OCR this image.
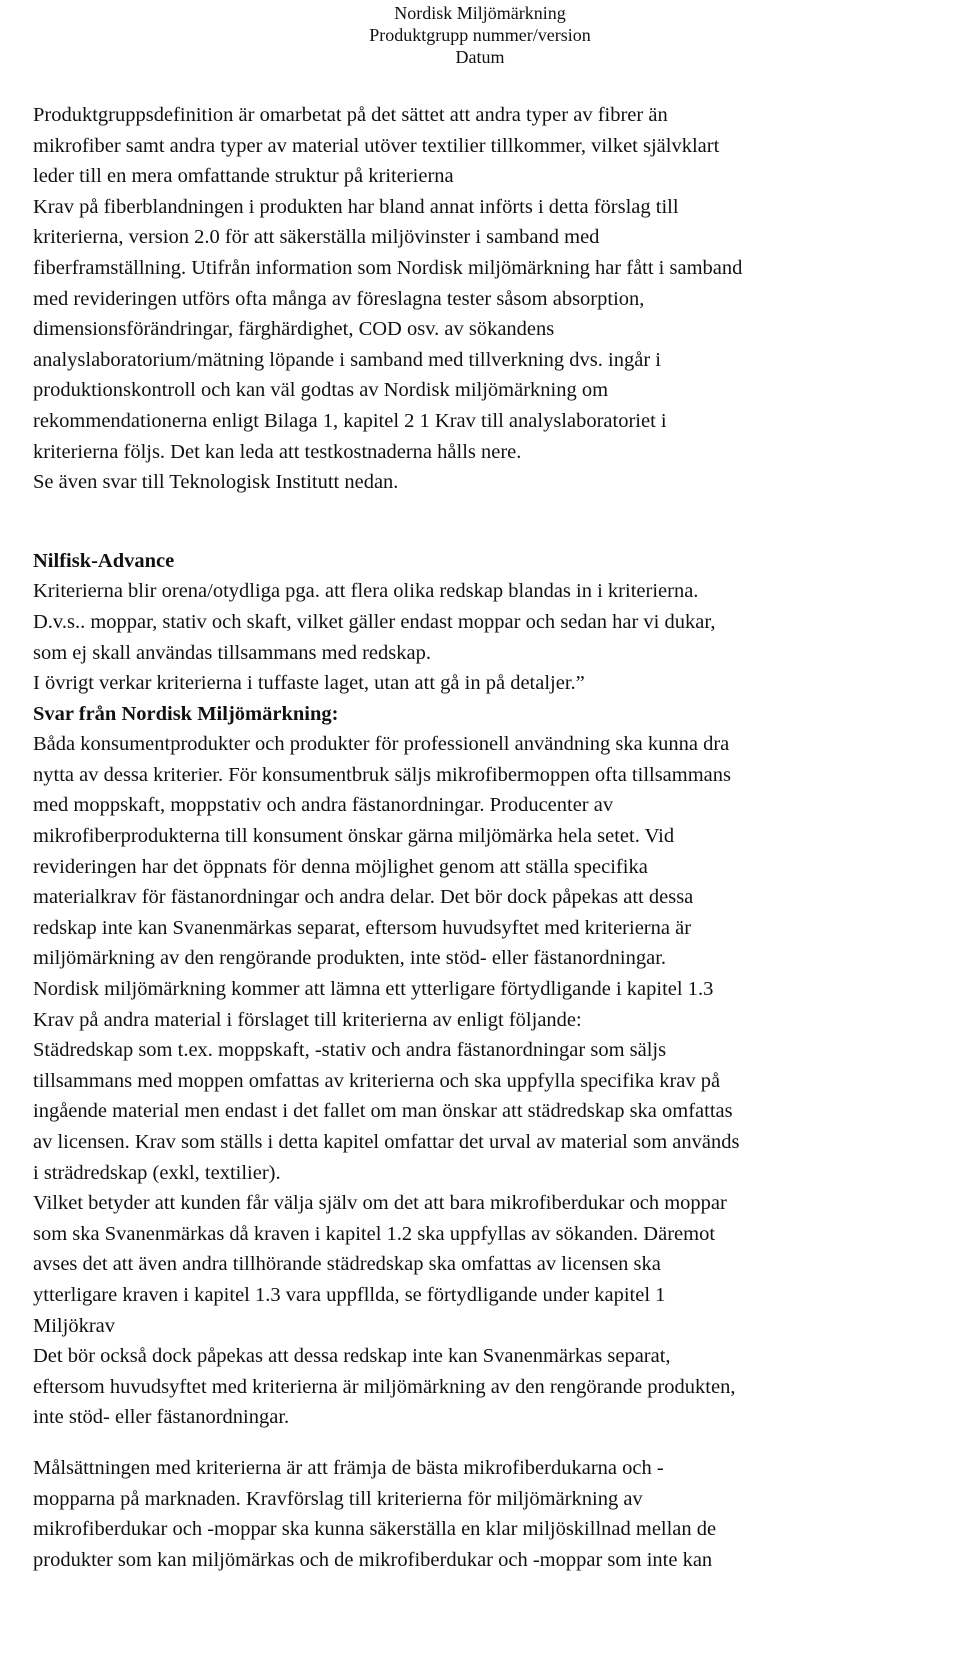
Nordisk Miljömärkning
Produktgrupp nummer/version
Datum
Produktgruppsdefinition är omarbetat på det sättet att andra typer av fibrer än
mikrofiber samt andra typer av material utöver textilier tillkommer, vilket självklart
leder till en mera omfattande struktur på kriterierna
Krav på fiberblandningen i produkten har bland annat införts i detta förslag till
kriterierna, version 2.0 för att säkerställa miljövinster i samband med
fiberframställning. Utifrån information som Nordisk miljömärkning har fått i samband
med revideringen utförs ofta många av föreslagna tester såsom absorption,
dimensionsförändringar, färghärdighet, COD osv. av sökandens
analyslaboratorium/mätning löpande i samband med tillverkning dvs. ingår i
produktionskontroll och kan väl godtas av Nordisk miljömärkning om
rekommendationerna enligt Bilaga 1, kapitel 2 1 Krav till analyslaboratoriet i
kriterierna följs. Det kan leda att testkostnaderna hålls nere.
Se även svar till Teknologisk Institutt nedan.
Nilfisk-Advance
Kriterierna blir orena/otydliga pga. att flera olika redskap blandas in i kriterierna.
D.v.s.. moppar, stativ och skaft, vilket gäller endast moppar och sedan har vi dukar,
som ej skall användas tillsammans med redskap.
I övrigt verkar kriterierna i tuffaste laget, utan att gå in på detaljer.”
Svar från Nordisk Miljömärkning:
Båda konsumentprodukter och produkter för professionell användning ska kunna dra
nytta av dessa kriterier. För konsumentbruk säljs mikrofibermoppen ofta tillsammans
med moppskaft, moppstativ och andra fästanordningar. Producenter av
mikrofiberprodukterna till konsument önskar gärna miljömärka hela setet. Vid
revideringen har det öppnats för denna möjlighet genom att ställa specifika
materialkrav för fästanordningar och andra delar. Det bör dock påpekas att dessa
redskap inte kan Svanenmärkas separat, eftersom huvudsyftet med kriterierna är
miljömärkning av den rengörande produkten, inte stöd- eller fästanordningar.
Nordisk miljömärkning kommer att lämna ett ytterligare förtydligande i kapitel 1.3
Krav på andra material i förslaget till kriterierna av enligt följande:
Städredskap som t.ex. moppskaft, -stativ och andra fästanordningar som säljs
tillsammans med moppen omfattas av kriterierna och ska uppfylla specifika krav på
ingående material men endast i det fallet om man önskar att städredskap ska omfattas
av licensen. Krav som ställs i detta kapitel omfattar det urval av material som används
i strädredskap (exkl, textilier).
Vilket betyder att kunden får välja själv om det att bara mikrofiberdukar och moppar
som ska Svanenmärkas då kraven i kapitel 1.2 ska uppfyllas av sökanden. Däremot
avses det att även andra tillhörande städredskap ska omfattas av licensen ska
ytterligare kraven i kapitel 1.3 vara uppfllda, se förtydligande under kapitel 1
Miljökrav
Det bör också dock påpekas att dessa redskap inte kan Svanenmärkas separat,
eftersom huvudsyftet med kriterierna är miljömärkning av den rengörande produkten,
inte stöd- eller fästanordningar.
Målsättningen med kriterierna är att främja de bästa mikrofiberdukarna och -
mopparna på marknaden. Kravförslag till kriterierna för miljömärkning av
mikrofiberdukar och -moppar ska kunna säkerställa en klar miljöskillnad mellan de
produkter som kan miljömärkas och de mikrofiberdukar och -moppar som inte kan
